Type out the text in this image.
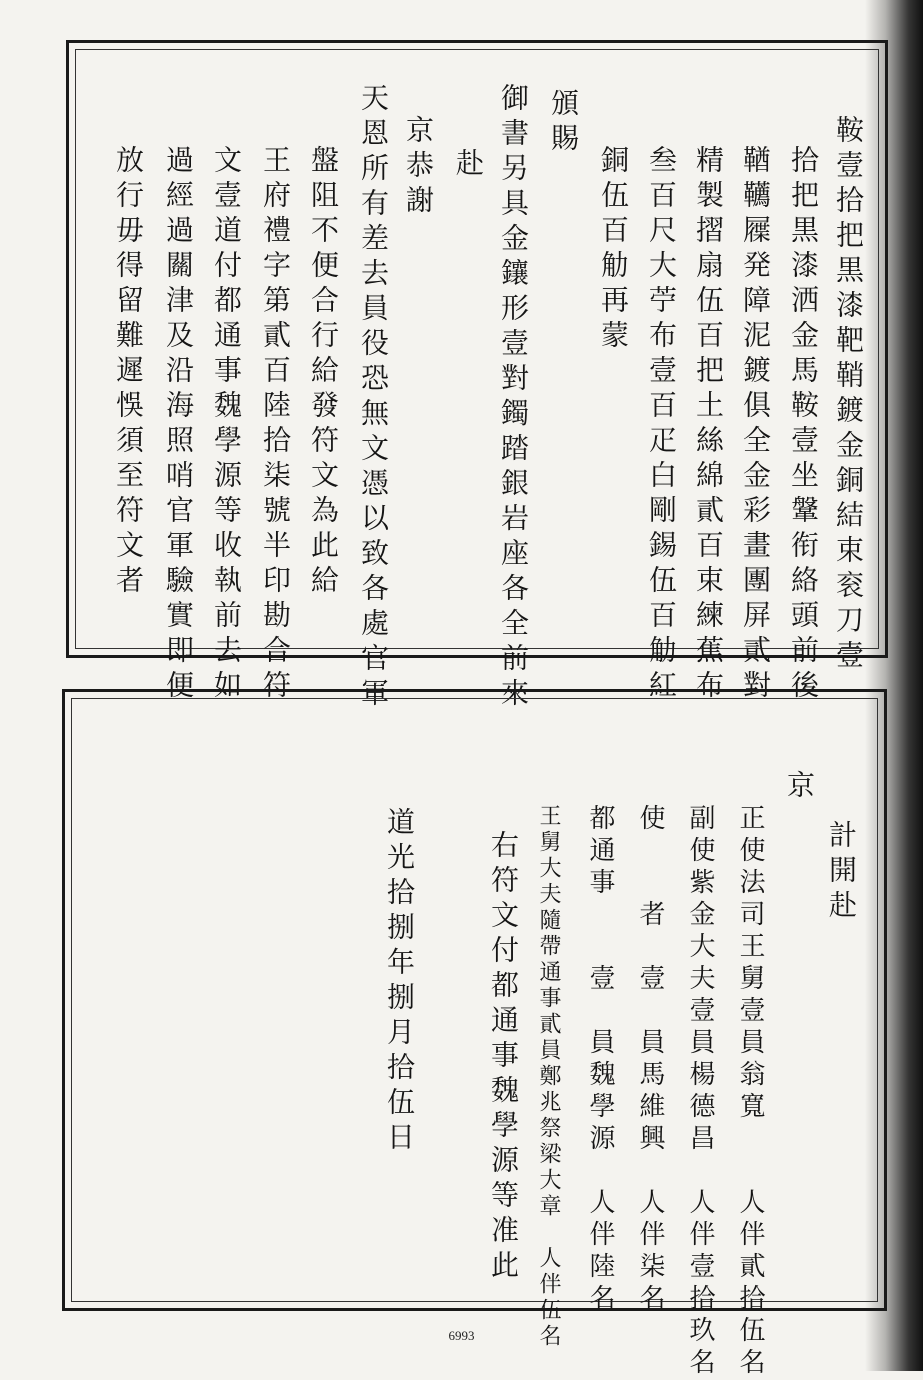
鞍壹拾把黒漆靶鞘鍍金銅結束衮刀壹
拾把黒漆洒金馬鞍壹坐鞶衔絡頭前後
鞧韉屧発障泥鍍俱全金彩畫團屏貳對
精製摺扇伍百把土絲綿貳百束練蕉布
叁百尺大苧布壹百疋白剛錫伍百觔紅
銅伍百觔再蒙
頒賜
御書另具金鑲形壹對鐲踏銀岩座各全前來
赴
京恭謝
天恩所有差去員役恐無文憑以致各處官軍
盤阻不便合行給發符文為此給
王府禮字第貳百陸拾柒號半印勘合符
文壹道付都通事魏學源等收執前去如
過經過關津及沿海照哨官軍驗實即便
放行毋得留難遲悞須至符文者
計開赴
京
正使法司王舅壹員翁寬　　人伴貳拾伍名
副使紫金大夫壹員楊德昌　人伴壹拾玖名
使　　者　壹　員馬維興　人伴柒名
都通事　　壹　員魏學源　人伴陸名
王舅大夫隨帶通事貳員鄭兆祭梁大章　人伴伍名
右符文付都通事魏學源等准此
道光拾捌年捌月拾伍日
6993
